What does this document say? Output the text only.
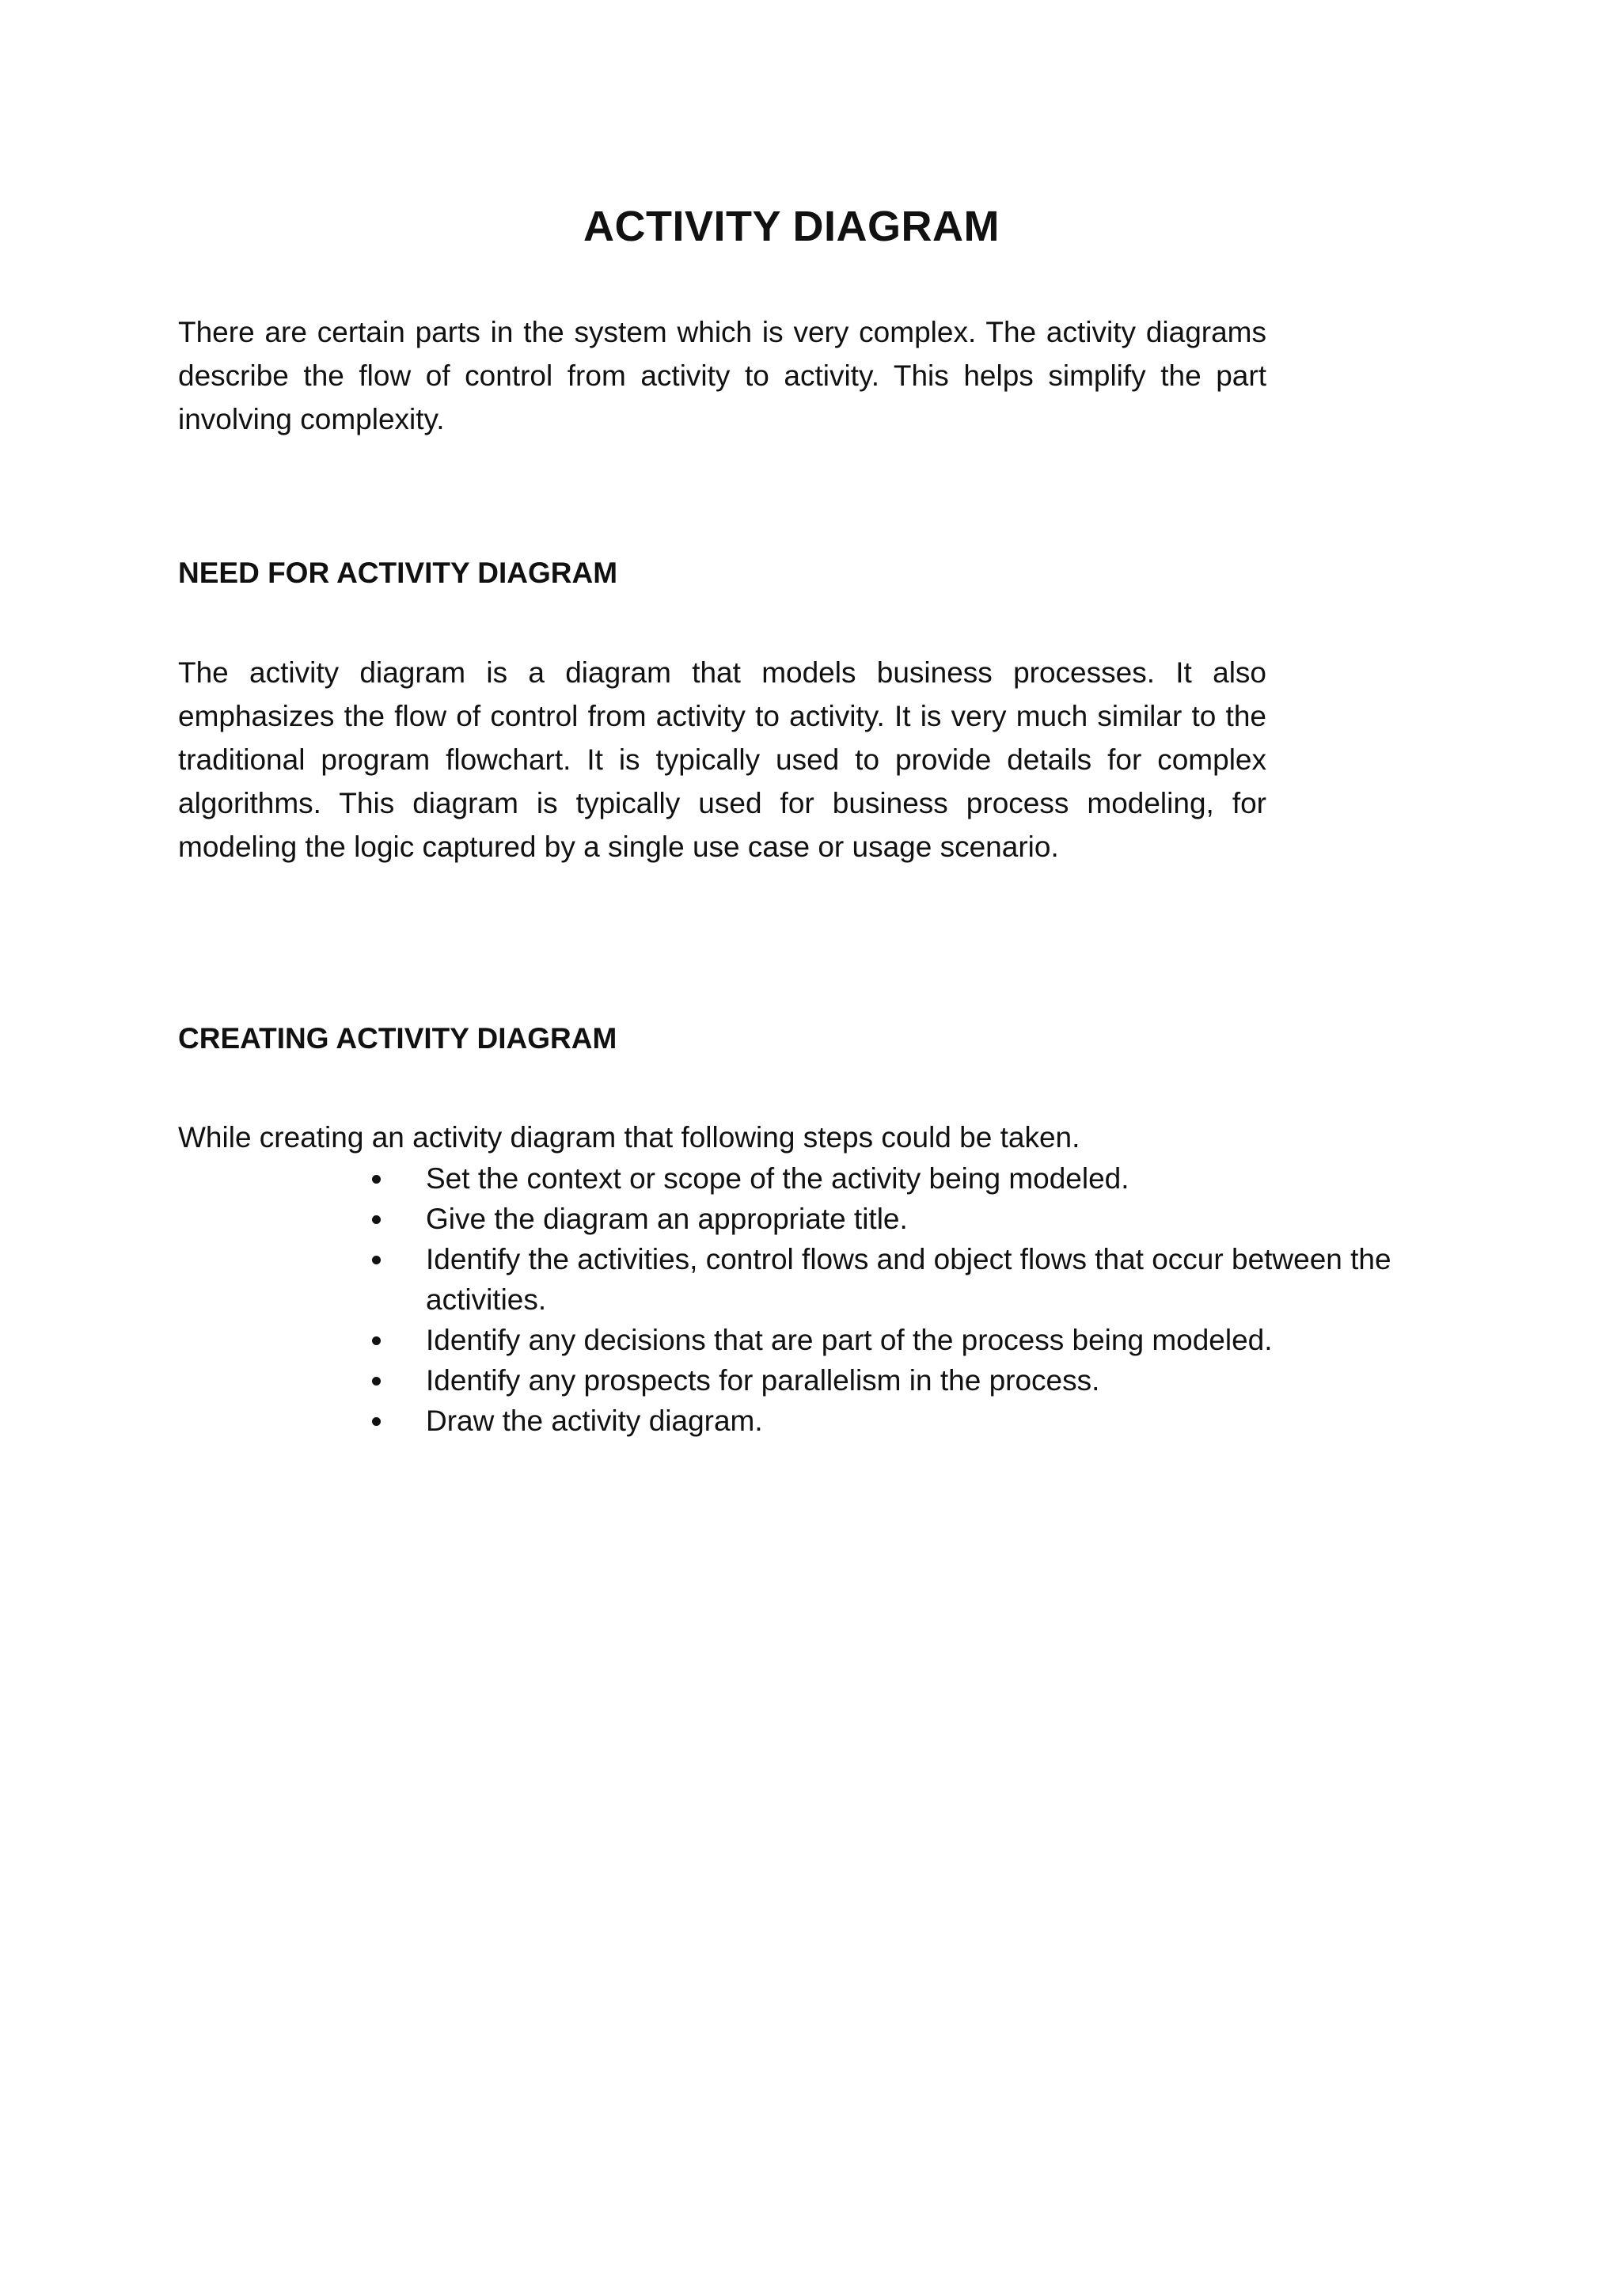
ACTIVITY DIAGRAM

There are certain parts in the system which is very complex. The activity diagrams describe the flow of control from activity to activity. This helps simplify the part involving complexity.

NEED FOR ACTIVITY DIAGRAM

The activity diagram is a diagram that models business processes. It also emphasizes the flow of control from activity to activity. It is very much similar to the traditional program flowchart. It is typically used to provide details for complex algorithms. This diagram is typically used for business process modeling, for modeling the logic captured by a single use case or usage scenario.

CREATING ACTIVITY DIAGRAM

While creating an activity diagram that following steps could be taken.

Set the context or scope of the activity being modeled.
Give the diagram an appropriate title.
Identify the activities, control flows and object flows that occur between the activities.
Identify any decisions that are part of the process being modeled.
Identify any prospects for parallelism in the process.
Draw the activity diagram.
